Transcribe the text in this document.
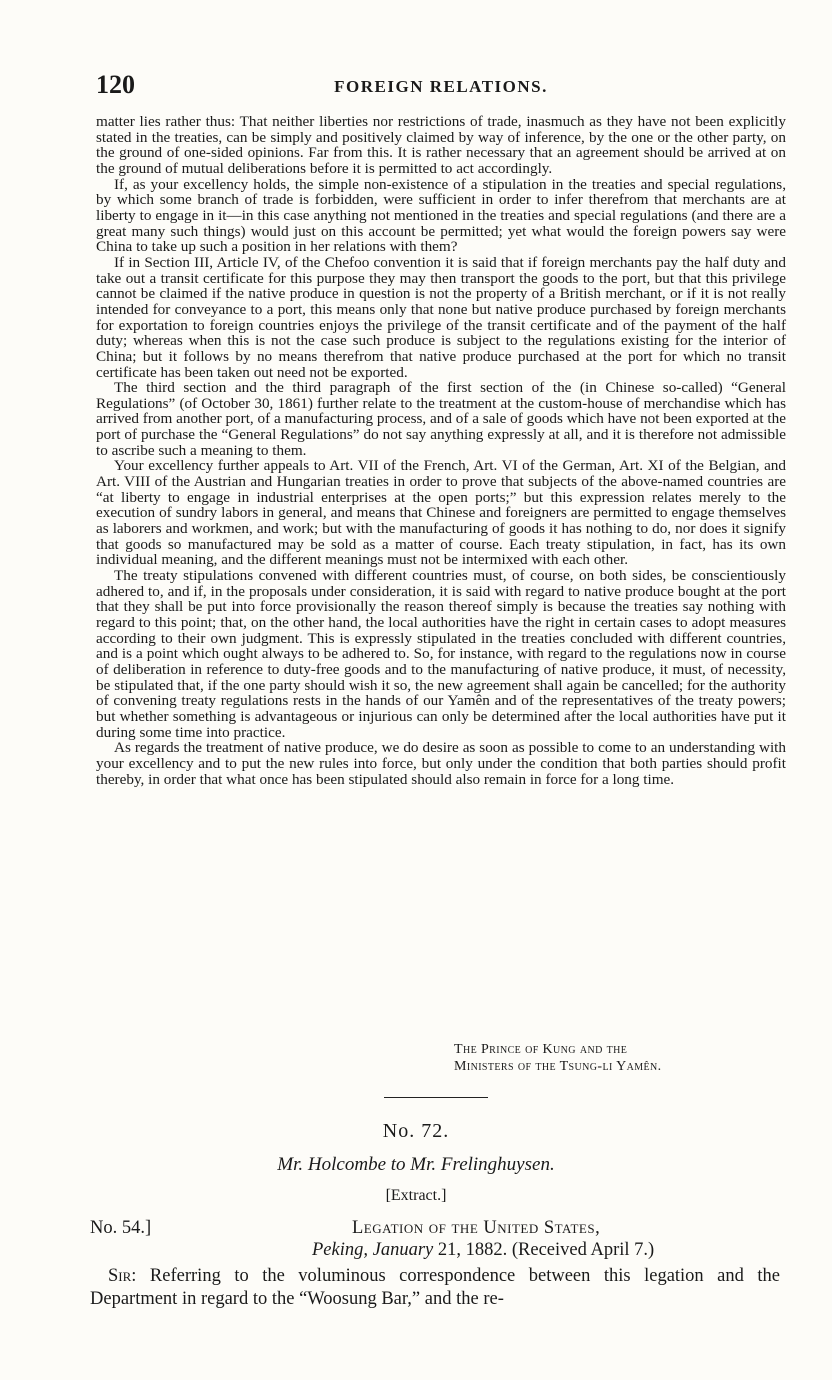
120	FOREIGN RELATIONS.

matter lies rather thus: That neither liberties nor restrictions of trade, inasmuch as they have not been explicitly stated in the treaties, can be simply and positively claimed by way of inference, by the one or the other party, on the ground of one-sided opinions. Far from this. It is rather necessary that an agreement should be arrived at on the ground of mutual deliberations before it is permitted to act accordingly.

If, as your excellency holds, the simple non-existence of a stipulation in the treaties and special regulations, by which some branch of trade is forbidden, were sufficient in order to infer therefrom that merchants are at liberty to engage in it—in this case anything not mentioned in the treaties and special regulations (and there are a great many such things) would just on this account be permitted; yet what would the foreign powers say were China to take up such a position in her relations with them?

If in Section III, Article IV, of the Chefoo convention it is said that if foreign merchants pay the half duty and take out a transit certificate for this purpose they may then transport the goods to the port, but that this privilege cannot be claimed if the native produce in question is not the property of a British merchant, or if it is not really intended for conveyance to a port, this means only that none but native produce purchased by foreign merchants for exportation to foreign countries enjoys the privilege of the transit certificate and of the payment of the half duty; whereas when this is not the case such produce is subject to the regulations existing for the interior of China; but it follows by no means therefrom that native produce purchased at the port for which no transit certificate has been taken out need not be exported.

The third section and the third paragraph of the first section of the (in Chinese so-called) “General Regulations” (of October 30, 1861) further relate to the treatment at the custom-house of merchandise which has arrived from another port, of a manufacturing process, and of a sale of goods which have not been exported at the port of purchase the “General Regulations” do not say anything expressly at all, and it is therefore not admissible to ascribe such a meaning to them.

Your excellency further appeals to Art. VII of the French, Art. VI of the German, Art. XI of the Belgian, and Art. VIII of the Austrian and Hungarian treaties in order to prove that subjects of the above-named countries are “at liberty to engage in industrial enterprises at the open ports;” but this expression relates merely to the execution of sundry labors in general, and means that Chinese and foreigners are permitted to engage themselves as laborers and workmen, and work; but with the manufacturing of goods it has nothing to do, nor does it signify that goods so manufactured may be sold as a matter of course. Each treaty stipulation, in fact, has its own individual meaning, and the different meanings must not be intermixed with each other.

The treaty stipulations convened with different countries must, of course, on both sides, be conscientiously adhered to, and if, in the proposals under consideration, it is said with regard to native produce bought at the port that they shall be put into force provisionally the reason thereof simply is because the treaties say nothing with regard to this point; that, on the other hand, the local authorities have the right in certain cases to adopt measures according to their own judgment. This is expressly stipulated in the treaties concluded with different countries, and is a point which ought always to be adhered to. So, for instance, with regard to the regulations now in course of deliberation in reference to duty-free goods and to the manufacturing of native produce, it must, of necessity, be stipulated that, if the one party should wish it so, the new agreement shall again be cancelled; for the authority of convening treaty regulations rests in the hands of our Yamên and of the representatives of the treaty powers; but whether something is advantageous or injurious can only be determined after the local authorities have put it during some time into practice.

As regards the treatment of native produce, we do desire as soon as possible to come to an understanding with your excellency and to put the new rules into force, but only under the condition that both parties should profit thereby, in order that what once has been stipulated should also remain in force for a long time.

The Prince of Kung and the
Ministers of the Tsung-li Yamên.
No. 72.
Mr. Holcombe to Mr. Frelinghuysen.
[Extract.]
No. 54.]	Legation of the United States,
Peking, January 21, 1882. (Received April 7.)
Sir: Referring to the voluminous correspondence between this legation and the Department in regard to the “Woosung Bar,” and the re-
